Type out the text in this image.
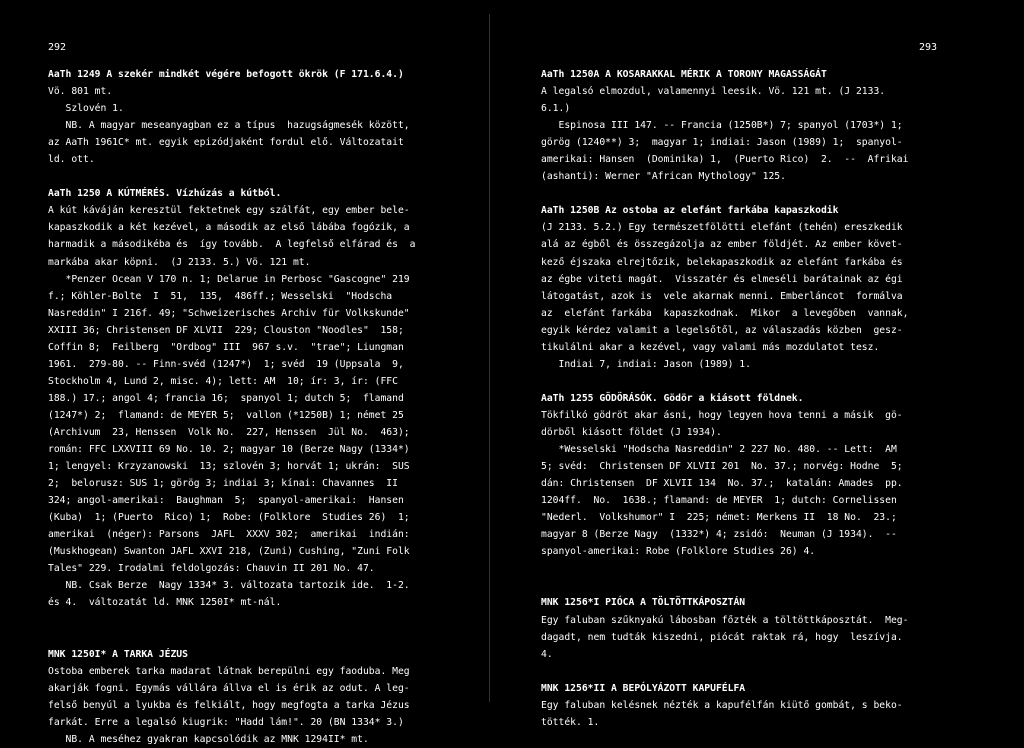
292
AaTh 1249 A szekér mindkét végére befogott ökrök (F 171.6.4.)
Vö. 801 mt.
Szlovén 1.
NB. A magyar meseanyagban ez a típus  hazugságmesék között,
az AaTh 1961C* mt. egyik epizódjaként fordul elő. Változatait
ld. ott.
AaTh 1250 A KÚTMÉRÉS. Vízhúzás a kútból.
A kút káváján keresztül fektetnek egy szálfát, egy ember bele-
kapaszkodik a két kezével, a második az első lábába fogózik, a
harmadik a másodikéba és  így tovább.  A legfelső elfárad és  a
markába akar köpni.  (J 2133. 5.) Vö. 121 mt.
*Penzer Ocean V 170 n. 1; Delarue in Perbosc "Gascogne" 219
f.; Köhler-Bolte  I  51,  135,  486ff.; Wesselski  "Hodscha
Nasreddin" I 216f. 49; "Schweizerisches Archiv für Volkskunde"
XXIII 36; Christensen DF XLVII  229; Clouston "Noodles"  158;
Coffin 8;  Feilberg  "Ordbog" III  967 s.v.  "trae"; Liungman
1961.  279-80. -- Finn-svéd (1247*)  1; svéd  19 (Uppsala  9,
Stockholm 4, Lund 2, misc. 4); lett: AM  10; ír: 3, ír: (FFC
188.) 17.; angol 4; francia 16;  spanyol 1; dutch 5;  flamand
(1247*) 2;  flamand: de MEYER 5;  vallon (*1250B) 1; német 25
(Archivum  23, Henssen  Volk No.  227, Henssen  Jül No.  463);
román: FFC LXXVIII 69 No. 10. 2; magyar 10 (Berze Nagy (1334*)
1; lengyel: Krzyzanowski  13; szlovén 3; horvát 1; ukrán:  SUS
2;  belorusz: SUS 1; görög 3; indiai 3; kínai: Chavannes  II
324; angol-amerikai:  Baughman  5;  spanyol-amerikai:  Hansen
(Kuba)  1; (Puerto  Rico) 1;  Robe: (Folklore  Studies 26)  1;
amerikai  (néger): Parsons  JAFL  XXXV 302;  amerikai  indián:
(Muskhogean) Swanton JAFL XXVI 218, (Zuni) Cushing, "Zuni Folk
Tales" 229. Irodalmi feldolgozás: Chauvin II 201 No. 47.
NB. Csak Berze  Nagy 1334* 3. változata tartozik ide.  1-2.
és 4.  változatát ld. MNK 1250I* mt-nál.
MNK 1250I* A TARKA JÉZUS
Ostoba emberek tarka madarat látnak berepülni egy faoduba. Meg
akarják fogni. Egymás vállára állva el is érik az odut. A leg-
felső benyúl a lyukba és felkiált, hogy megfogta a tarka Jézus
farkát. Erre a legalsó kiugrik: "Hadd lám!". 20 (BN 1334* 3.)
NB. A meséhez gyakran kapcsolódik az MNK 1294II* mt.
293
AaTh 1250A A KOSARAKKAL MÉRIK A TORONY MAGASSÁGÁT
A legalsó elmozdul, valamennyi leesik. Vö. 121 mt. (J 2133.
6.1.)
Espinosa III 147. -- Francia (1250B*) 7; spanyol (1703*) 1;
görög (1240**) 3;  magyar 1; indiai: Jason (1989) 1;  spanyol-
amerikai: Hansen  (Dominika) 1,  (Puerto Rico)  2.  --  Afrikai
(ashanti): Werner "African Mythology" 125.
AaTh 1250B Az ostoba az elefánt farkába kapaszkodik
(J 2133. 5.2.) Egy természetfölötti elefánt (tehén) ereszkedik
alá az égből és összegázolja az ember földjét. Az ember követ-
kező éjszaka elrejtőzik, belekapaszkodik az elefánt farkába és
az égbe viteti magát.  Visszatér és elmeséli barátainak az égi
látogatást, azok is  vele akarnak menni. Emberláncot  formálva
az  elefánt farkába  kapaszkodnak.  Mikor  a levegőben  vannak,
egyik kérdez valamit a legelsőtől, az válaszadás közben  gesz-
tikulálni akar a kezével, vagy valami más mozdulatot tesz.
Indiai 7, indiai: Jason (1989) 1.
AaTh 1255 GÖDÖRÁSÓK. Gödör a kiásott földnek.
Tökfilkó gödröt akar ásni, hogy legyen hova tenni a másik  gö-
dörből kiásott földet (J 1934).
*Wesselski "Hodscha Nasreddin" 2 227 No. 480. -- Lett:  AM
5; svéd:  Christensen DF XLVII 201  No. 37.; norvég: Hodne  5;
dán: Christensen  DF XLVII 134  No. 37.;  katalán: Amades  pp.
1204ff.  No.  1638.; flamand: de MEYER  1; dutch: Cornelissen
"Nederl.  Volkshumor" I  225; német: Merkens II  18 No.  23.;
magyar 8 (Berze Nagy  (1332*) 4; zsidó:  Neuman (J 1934).  --
spanyol-amerikai: Robe (Folklore Studies 26) 4.
MNK 1256*I PIÓCA A TÖLTÖTTKÁPOSZTÁN
Egy faluban szűknyakú lábosban főzték a töltöttkáposztát.  Meg-
dagadt, nem tudták kiszedni, piócát raktak rá, hogy  leszívja.
4.
MNK 1256*II A BEPÓLYÁZOTT KAPUFÉLFA
Egy faluban kelésnek nézték a kapufélfán kiütő gombát, s beko-
tötték. 1.
